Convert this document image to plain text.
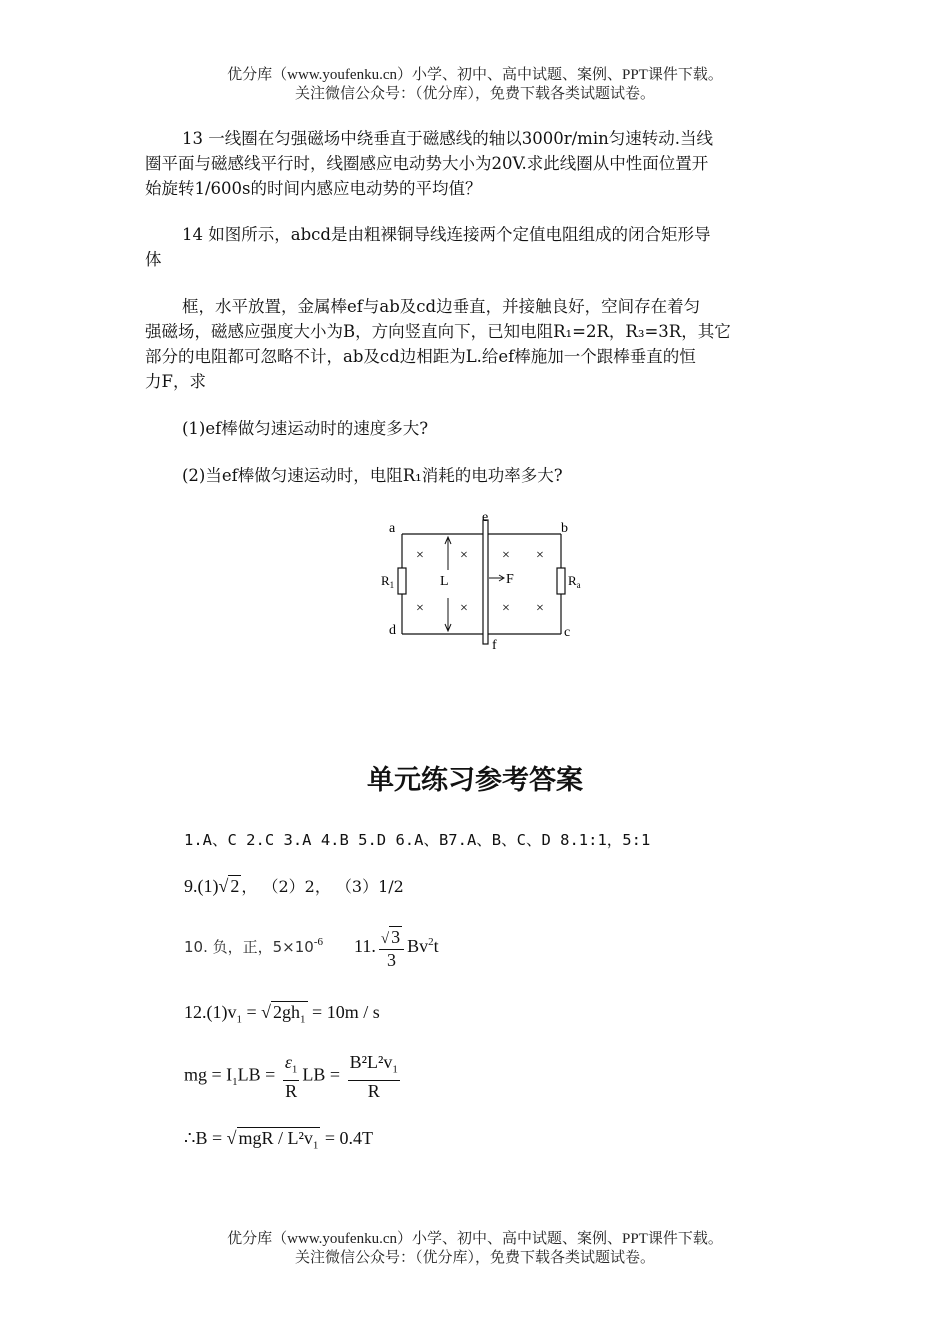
优分库（www.youfenku.cn）小学、初中、高中试题、案例、PPT课件下载。
关注微信公众号：（优分库），免费下载各类试题试卷。
13 一线圈在匀强磁场中绕垂直于磁感线的轴以3000r/min匀速转动.当线
圈平面与磁感线平行时，线圈感应电动势大小为20V.求此线圈从中性面位置开
始旋转1/600s的时间内感应电动势的平均值？
14 如图所示，abcd是由粗裸铜导线连接两个定值电阻组成的闭合矩形导
体
框，水平放置，金属棒ef与ab及cd边垂直，并接触良好，空间存在着匀
强磁场，磁感应强度大小为B，方向竖直向下，已知电阻R₁=2R，R₃=3R，其它
部分的电阻都可忽略不计，ab及cd边相距为L.给ef棒施加一个跟棒垂直的恒
力F，求
(1)ef棒做匀速运动时的速度多大?
(2)当ef棒做匀速运动时，电阻R₁消耗的电功率多大?
×	× × ×
×	× × ×
a	b
c
d
e
f
$R_1$	$R_a$
L	F
单元练习参考答案
1.A、C 2.C 3.A 4.B 5.D 6.A、B7.A、B、C、D 8.1:1，5:1
9.(1)√ 2 ， （2）2， （3）1/2
10. 负，正，$5\times 10^{-6}$ 11. $\frac{√ 3}{3} Bv^2t$
$12.(1)v_1$ = √ $2gh_1 = 10m / s$
mg = $I_1LB = \frac{\varepsilon_1}{R}$ LB = $\frac{B^2L^2v_1}{R}$
∴B = √ mgR / $L^2v_1 = 0.4T$
优分库（www.youfenku.cn）小学、初中、高中试题、案例、PPT课件下载。
关注微信公众号：（优分库），免费下载各类试题试卷。
